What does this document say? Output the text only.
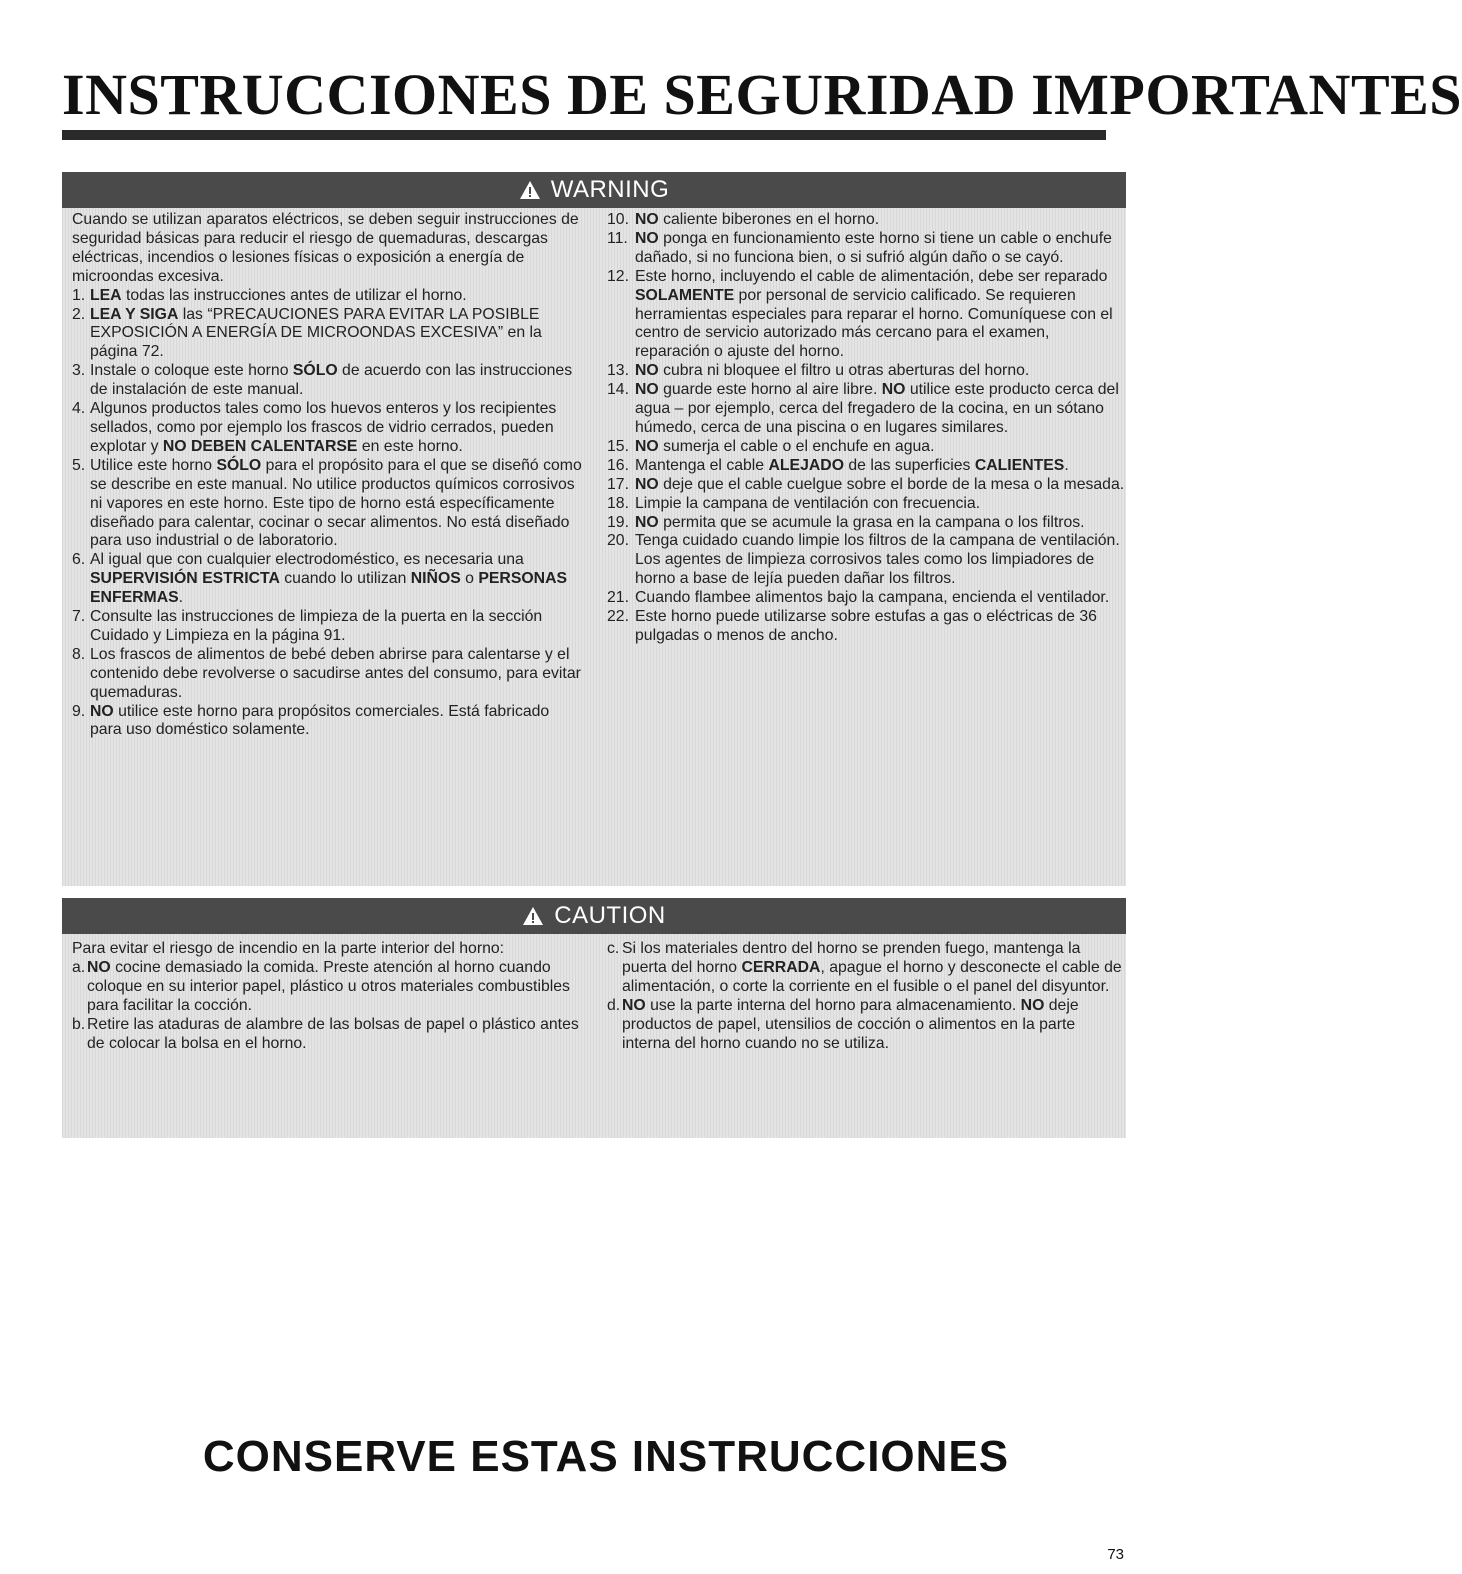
INSTRUCCIONES DE SEGURIDAD IMPORTANTES
WARNING

Cuando se utilizan aparatos eléctricos, se deben seguir instrucciones de seguridad básicas para reducir el riesgo de quemaduras, descargas eléctricas, incendios o lesiones físicas o exposición a energía de microondas excesiva.

1. LEA todas las instrucciones antes de utilizar el horno.
2. LEA Y SIGA las “PRECAUCIONES PARA EVITAR LA POSIBLE EXPOSICIÓN A ENERGÍA DE MICROONDAS EXCESIVA” en la página 72.
3. Instale o coloque este horno SÓLO de acuerdo con las instrucciones de instalación de este manual.
4. Algunos productos tales como los huevos enteros y los recipientes sellados, como por ejemplo los frascos de vidrio cerrados, pueden explotar y NO DEBEN CALENTARSE en este horno.
5. Utilice este horno SÓLO para el propósito para el que se diseñó como se describe en este manual. No utilice productos químicos corrosivos ni vapores en este horno. Este tipo de horno está específicamente diseñado para calentar, cocinar o secar alimentos. No está diseñado para uso industrial o de laboratorio.
6. Al igual que con cualquier electrodoméstico, es necesaria una SUPERVISIÓN ESTRICTA cuando lo utilizan NIÑOS o PERSONAS ENFERMAS.
7. Consulte las instrucciones de limpieza de la puerta en la sección Cuidado y Limpieza en la página 91.
8. Los frascos de alimentos de bebé deben abrirse para calentarse y el contenido debe revolverse o sacudirse antes del consumo, para evitar quemaduras.
9. NO utilice este horno para propósitos comerciales. Está fabricado para uso doméstico solamente.
10. NO caliente biberones en el horno.
11. NO ponga en funcionamiento este horno si tiene un cable o enchufe dañado, si no funciona bien, o si sufrió algún daño o se cayó.
12. Este horno, incluyendo el cable de alimentación, debe ser reparado SOLAMENTE por personal de servicio calificado. Se requieren herramientas especiales para reparar el horno. Comuníquese con el centro de servicio autorizado más cercano para el examen, reparación o ajuste del horno.
13. NO cubra ni bloquee el filtro u otras aberturas del horno.
14. NO guarde este horno al aire libre. NO utilice este producto cerca del agua – por ejemplo, cerca del fregadero de la cocina, en un sótano húmedo, cerca de una piscina o en lugares similares.
15. NO sumerja el cable o el enchufe en agua.
16. Mantenga el cable ALEJADO de las superficies CALIENTES.
17. NO deje que el cable cuelgue sobre el borde de la mesa o la mesada.
18. Limpie la campana de ventilación con frecuencia.
19. NO permita que se acumule la grasa en la campana o los filtros.
20. Tenga cuidado cuando limpie los filtros de la campana de ventilación. Los agentes de limpieza corrosivos tales como los limpiadores de horno a base de lejía pueden dañar los filtros.
21. Cuando flambee alimentos bajo la campana, encienda el ventilador.
22. Este horno puede utilizarse sobre estufas a gas o eléctricas de 36 pulgadas o menos de ancho.
CAUTION

Para evitar el riesgo de incendio en la parte interior del horno:

a. NO cocine demasiado la comida. Preste atención al horno cuando coloque en su interior papel, plástico u otros materiales combustibles para facilitar la cocción.
b. Retire las ataduras de alambre de las bolsas de papel o plástico antes de colocar la bolsa en el horno.
c. Si los materiales dentro del horno se prenden fuego, mantenga la puerta del horno CERRADA, apague el horno y desconecte el cable de alimentación, o corte la corriente en el fusible o el panel del disyuntor.
d. NO use la parte interna del horno para almacenamiento. NO deje productos de papel, utensilios de cocción o alimentos en la parte interna del horno cuando no se utiliza.
CONSERVE ESTAS INSTRUCCIONES
73
